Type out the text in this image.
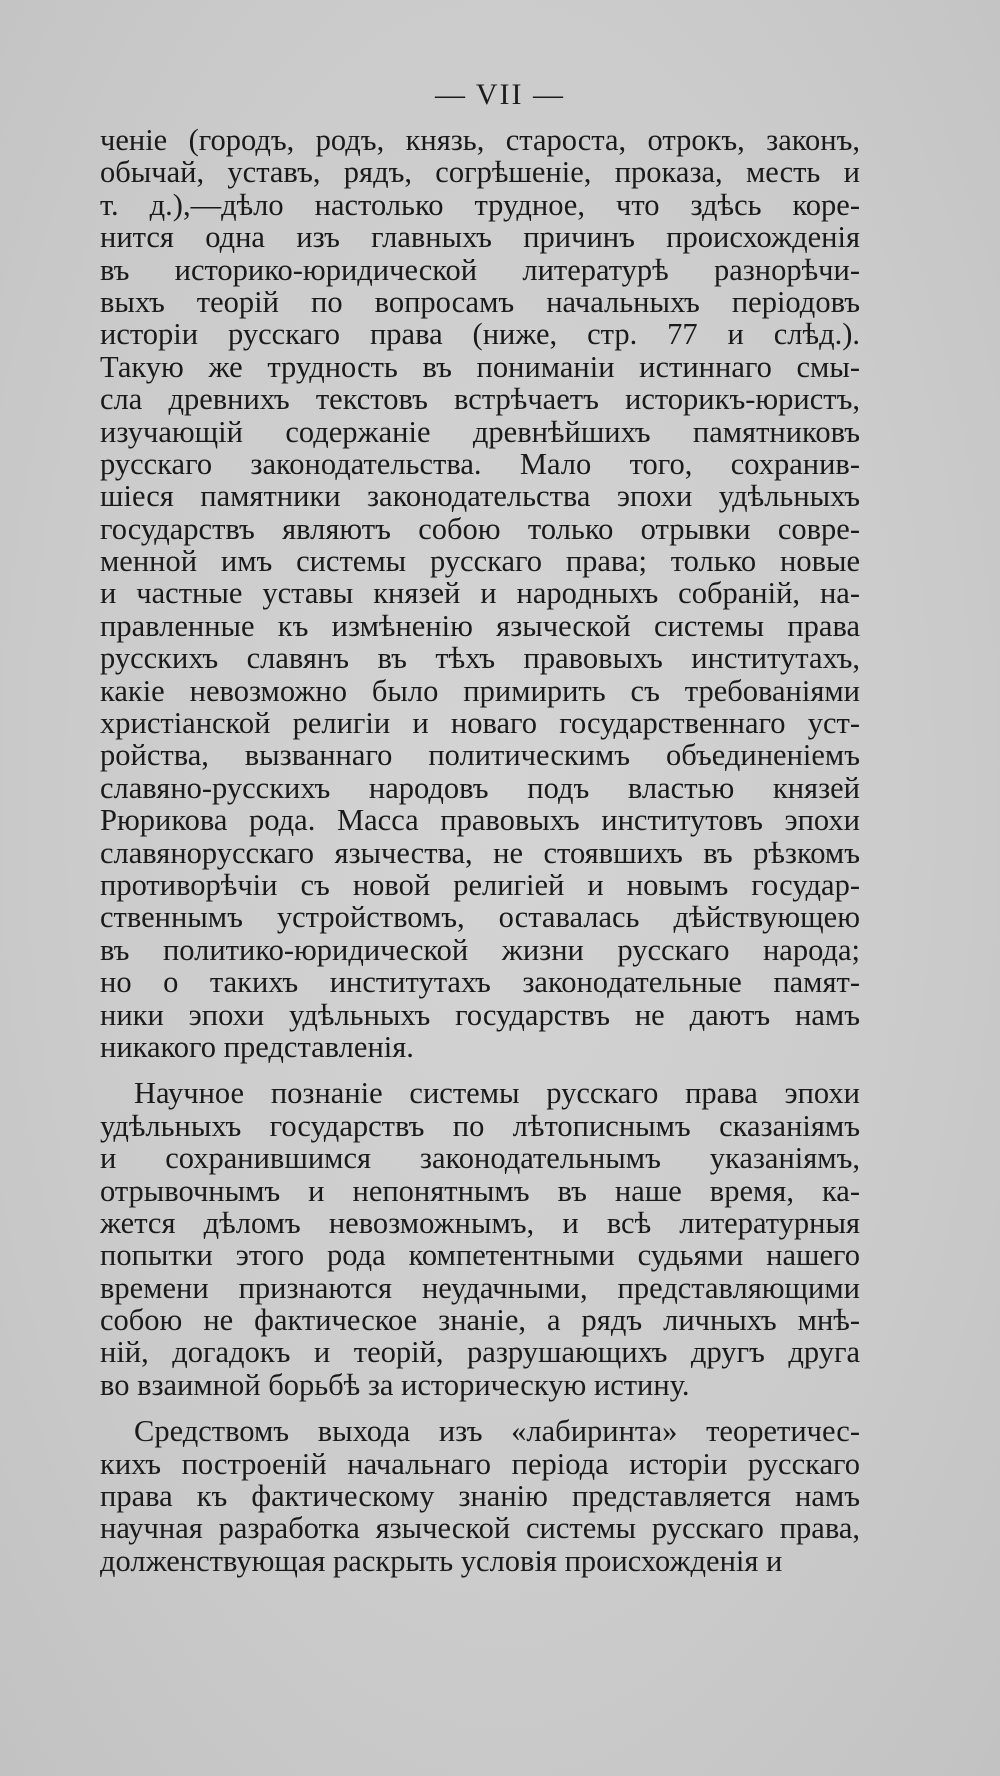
— VII —
ченіе (городъ, родъ, князь, староста, отрокъ, законъ,
обычай, уставъ, рядъ, согрѣшеніе, проказа, месть и
т. д.),—дѣло настолько трудное, что здѣсь коре-
нится одна изъ главныхъ причинъ происхожденія
въ историко-юридической литературѣ разнорѣчи-
выхъ теорій по вопросамъ начальныхъ періодовъ
исторіи русскаго права (ниже, стр. 77 и слѣд.).
Такую же трудность въ пониманіи истиннаго смы-
сла древнихъ текстовъ встрѣчаетъ историкъ-юристъ,
изучающій содержаніе древнѣйшихъ памятниковъ
русскаго законодательства. Мало того, сохранив-
шіеся памятники законодательства эпохи удѣльныхъ
государствъ являютъ собою только отрывки совре-
менной имъ системы русскаго права; только новые
и частные уставы князей и народныхъ собраній, на-
правленные къ измѣненію языческой системы права
русскихъ славянъ въ тѣхъ правовыхъ институтахъ,
какіе невозможно было примирить съ требованіями
христіанской религіи и новаго государственнаго уст-
ройства, вызваннаго политическимъ объединеніемъ
славяно-русскихъ народовъ подъ властью князей
Рюрикова рода. Масса правовыхъ институтовъ эпохи
славянорусскаго язычества, не стоявшихъ въ рѣзкомъ
противорѣчіи съ новой религіей и новымъ государ-
ственнымъ устройствомъ, оставалась дѣйствующею
въ политико-юридической жизни русскаго народа;
но о такихъ институтахъ законодательные памят-
ники эпохи удѣльныхъ государствъ не даютъ намъ
никакого представленія.
Научное познаніе системы русскаго права эпохи
удѣльныхъ государствъ по лѣтописнымъ сказаніямъ
и сохранившимся законодательнымъ указаніямъ,
отрывочнымъ и непонятнымъ въ наше время, ка-
жется дѣломъ невозможнымъ, и всѣ литературныя
попытки этого рода компетентными судьями нашего
времени признаются неудачными, представляющими
собою не фактическое знаніе, а рядъ личныхъ мнѣ-
ній, догадокъ и теорій, разрушающихъ другъ друга
во взаимной борьбѣ за историческую истину.
Средствомъ выхода изъ «лабиринта» теоретичес-
кихъ построеній начальнаго періода исторіи русскаго
права къ фактическому знанію представляется намъ
научная разработка языческой системы русскаго права,
долженствующая раскрыть условія происхожденія и
